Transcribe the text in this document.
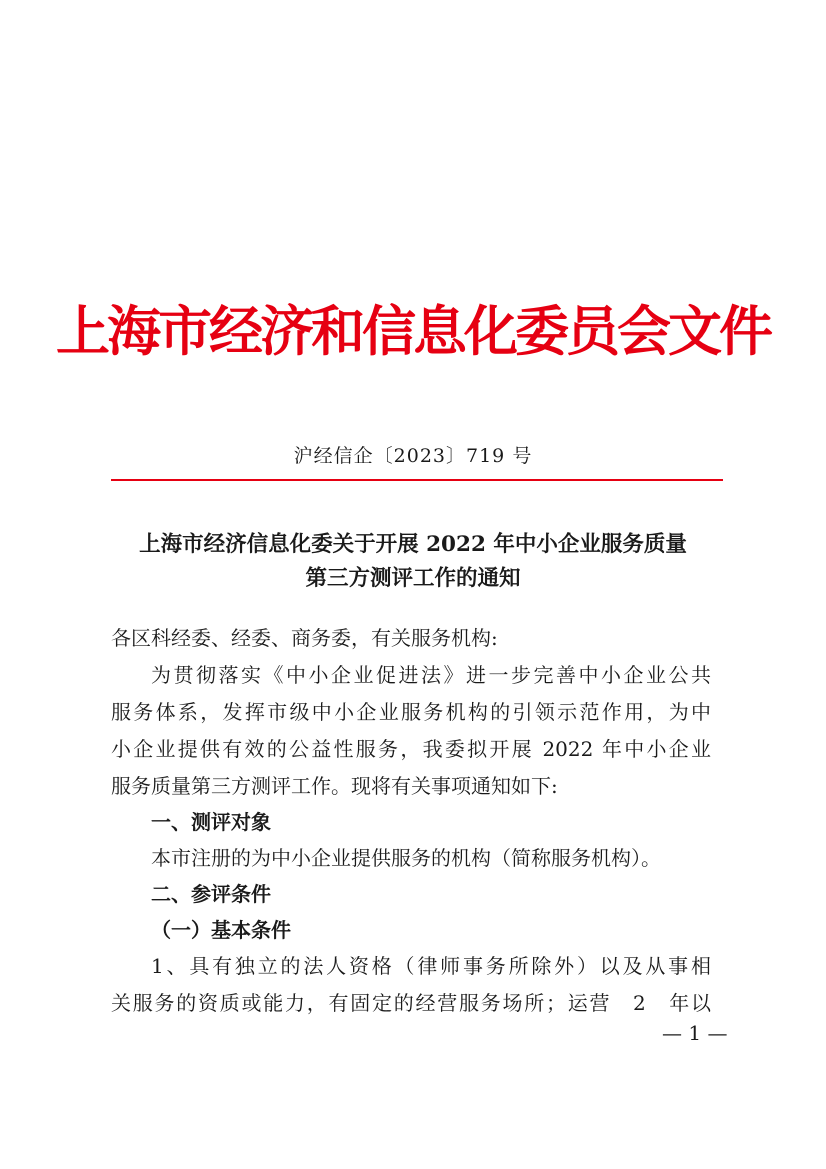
上海市经济和信息化委员会文件
沪经信企〔2023〕719 号
上海市经济信息化委关于开展 2022 年中小企业服务质量
第三方测评工作的通知
各区科经委、经委、商务委，有关服务机构:
为贯彻落实《中小企业促进法》进一步完善中小企业公共
服务体系，发挥市级中小企业服务机构的引领示范作用，为中
小企业提供有效的公益性服务，我委拟开展 2022 年中小企业
服务质量第三方测评工作。现将有关事项通知如下:
一、测评对象
本市注册的为中小企业提供服务的机构（简称服务机构）。
二、参评条件
（一）基本条件
1、具有独立的法人资格（律师事务所除外）以及从事相
关服务的资质或能力，有固定的经营服务场所；运营　2　年以
— 1 —
